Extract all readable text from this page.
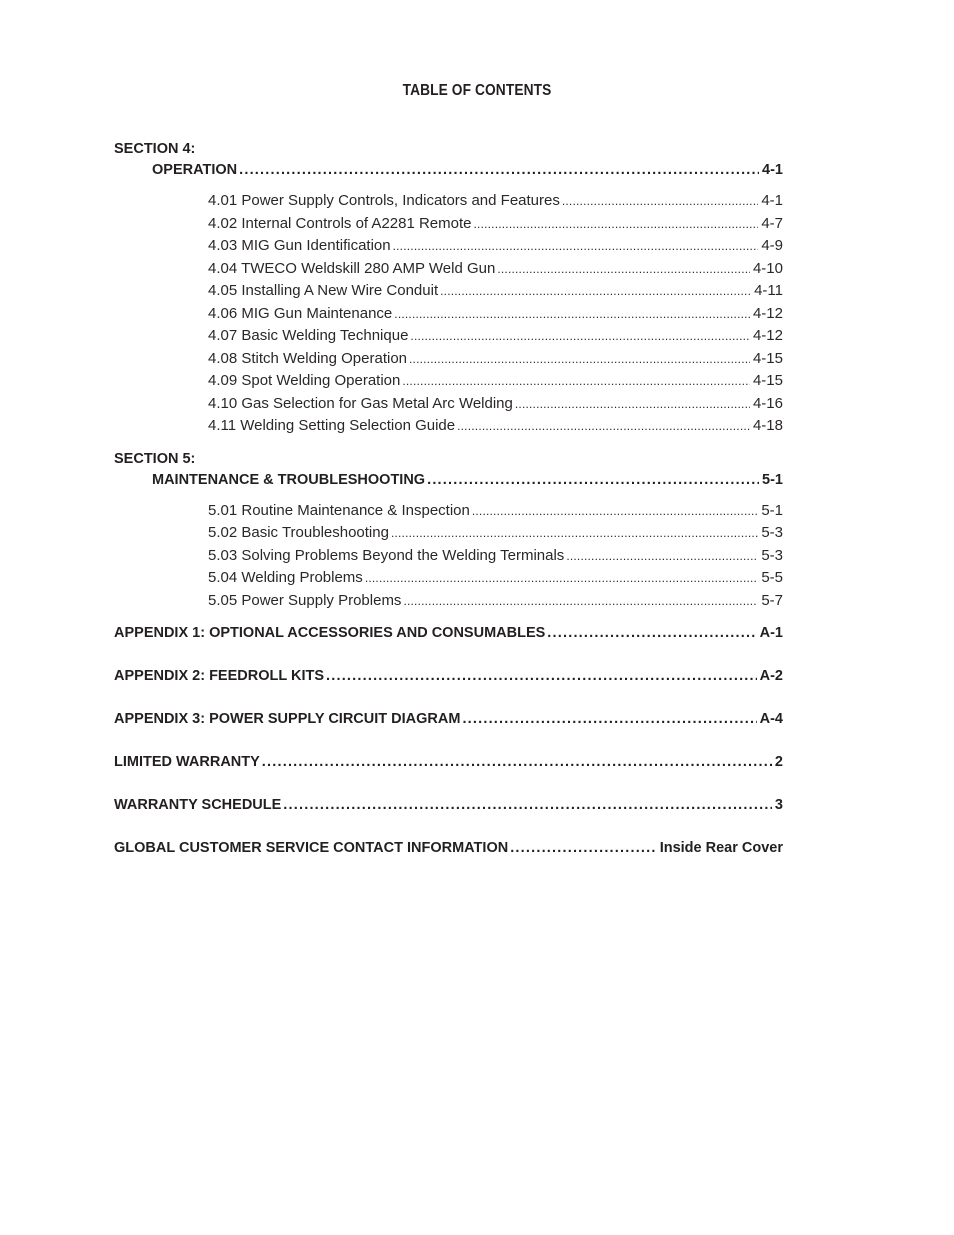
TABLE OF CONTENTS
SECTION 4:
OPERATION .....	4-1
4.01 Power Supply Controls, Indicators and Features .....	4-1
4.02 Internal Controls of A2281 Remote .....	4-7
4.03 MIG Gun Identification .....	4-9
4.04 TWECO Weldskill 280 AMP Weld Gun .....	4-10
4.05 Installing A New Wire Conduit .....	4-11
4.06 MIG Gun Maintenance .....	4-12
4.07 Basic Welding Technique .....	4-12
4.08 Stitch Welding Operation .....	4-15
4.09 Spot Welding Operation .....	4-15
4.10 Gas Selection for Gas Metal Arc Welding .....	4-16
4.11 Welding Setting Selection Guide .....	4-18
SECTION 5:
MAINTENANCE & TROUBLESHOOTING .....	5-1
5.01 Routine Maintenance & Inspection .....	5-1
5.02 Basic Troubleshooting .....	5-3
5.03 Solving Problems Beyond the Welding Terminals .....	5-3
5.04 Welding Problems .....	5-5
5.05 Power Supply Problems .....	5-7
APPENDIX 1: OPTIONAL ACCESSORIES AND CONSUMABLES .....	A-1
APPENDIX 2: FEEDROLL KITS .....	A-2
APPENDIX 3: POWER SUPPLY CIRCUIT DIAGRAM .....	A-4
LIMITED WARRANTY .....	2
WARRANTY SCHEDULE .....	3
GLOBAL CUSTOMER SERVICE CONTACT INFORMATION .....	Inside Rear Cover
